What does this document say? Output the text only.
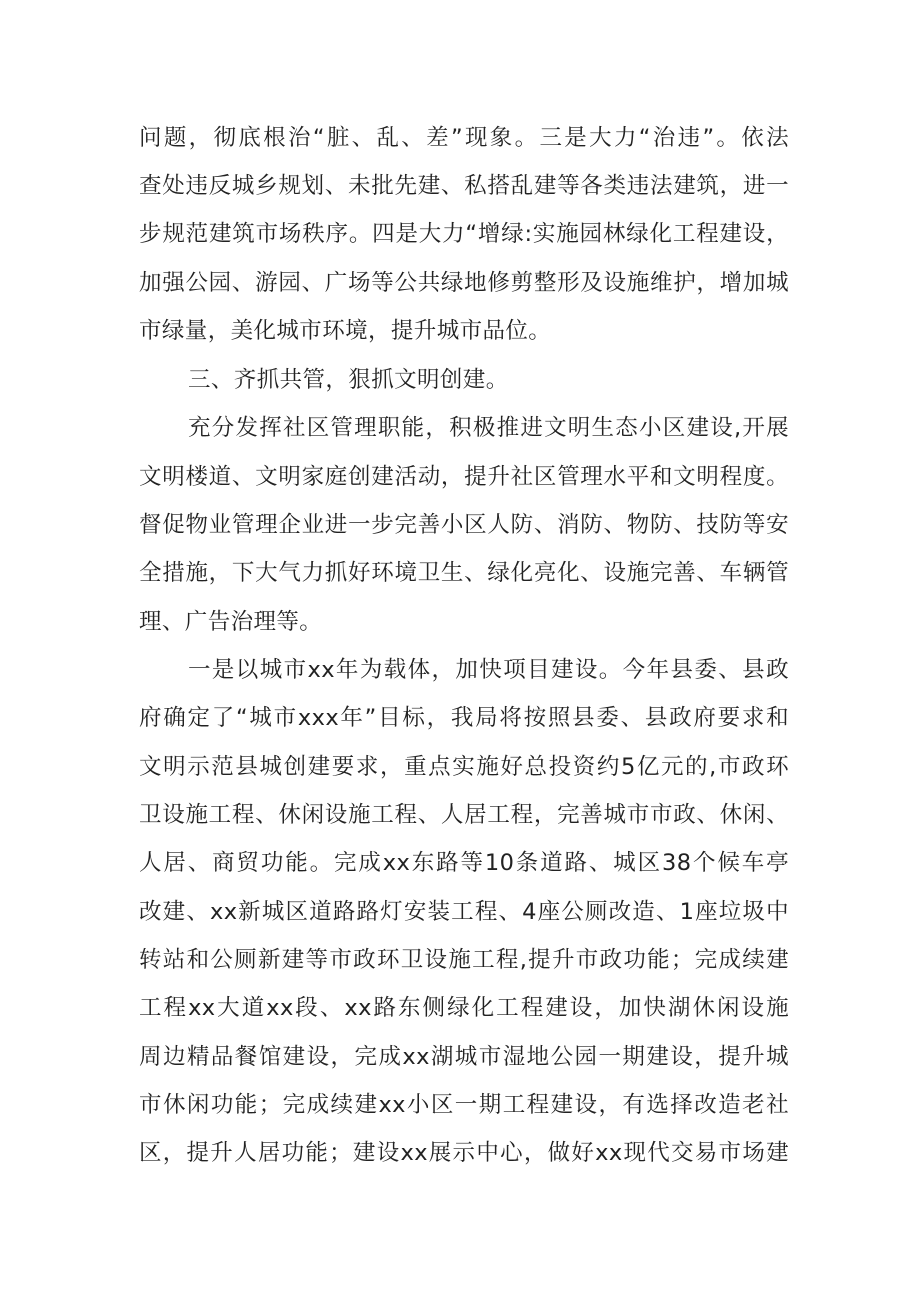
问题，彻底根治“脏、乱、差”现象。三是大力“治违”。依法
查处违反城乡规划、未批先建、私搭乱建等各类违法建筑，进一
步规范建筑市场秩序。四是大力“增绿:实施园林绿化工程建设，
加强公园、游园、广场等公共绿地修剪整形及设施维护，增加城
市绿量，美化城市环境，提升城市品位。
三、齐抓共管，狠抓文明创建。
充分发挥社区管理职能，积极推进文明生态小区建设,开展
文明楼道、文明家庭创建活动，提升社区管理水平和文明程度。
督促物业管理企业进一步完善小区人防、消防、物防、技防等安
全措施，下大气力抓好环境卫生、绿化亮化、设施完善、车辆管
理、广告治理等。
一是以城市xx年为载体，加快项目建设。今年县委、县政
府确定了“城市xxx年”目标，我局将按照县委、县政府要求和
文明示范县城创建要求，重点实施好总投资约5亿元的,市政环
卫设施工程、休闲设施工程、人居工程，完善城市市政、休闲、
人居、商贸功能。完成xx东路等10条道路、城区38个候车亭
改建、xx新城区道路路灯安装工程、4座公厕改造、1座垃圾中
转站和公厕新建等市政环卫设施工程,提升市政功能；完成续建
工程xx大道xx段、xx路东侧绿化工程建设，加快湖休闲设施
周边精品餐馆建设，完成xx湖城市湿地公园一期建设，提升城
市休闲功能；完成续建xx小区一期工程建设，有选择改造老社
区，提升人居功能；建设xx展示中心，做好xx现代交易市场建
